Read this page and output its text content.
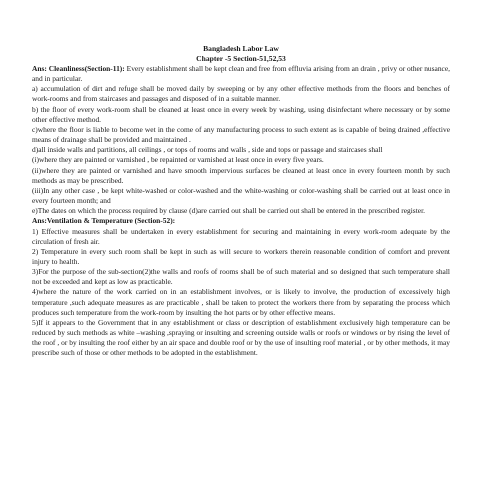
Bangladesh Labor Law

Chapter -5 Section-51,52,53

Ans: Cleanliness(Section-11): Every establishment shall be kept clean and free from effluvia arising from an drain , privy or other nusance, and in particular.

a) accumulation of dirt and refuge shall be moved daily by sweeping or by any other effective methods from the floors and benches of work-rooms and from staircases and passages and disposed of in a suitable manner.

b) the floor of every work-room shall be cleaned at least once in every week by washing, using disinfectant where necessary or by some other effective method.

c)where the floor is liable to become wet in the come of any manufacturing process to such extent as is capable of being drained ,effective means of drainage shall be provided and maintained .

d)all inside walls and partitions, all ceilings , or tops of rooms and walls , side and tops or passage and staircases shall

(i)where they are painted or varnished , be repainted or varnished at least once in every five years.

(ii)where they are painted or varnished and have smooth impervious surfaces be cleaned at least once in every fourteen month by such methods as may be prescribed.

(iii)In any other case , be kept white-washed or color-washed and the white-washing or color-washing shall be carried out at least once in every fourteen month; and

e)The dates on which the process required by clause (d)are carried out shall be carried out shall be entered in the prescribed register.

Ans:Ventilation & Temperature (Section-52):

1) Effective measures shall be undertaken in every establishment for securing and maintaining in every work-room adequate by the circulation of fresh air.

2) Temperature in every such room shall be kept in such as will secure to workers therein reasonable condition of comfort and prevent injury to health.

3)For the purpose of the sub-section(2)the walls and roofs of rooms shall be of such material and so designed that such temperature shall not be exceeded and kept as low as practicable.

4)where the nature of the work carried on in an establishment involves, or is likely to involve, the production of excessively high temperature ,such adequate measures as are practicable , shall be taken to protect the workers there from by separating the process which produces such temperature from the work-room by insulting the hot parts or by other effective means.

5)If it appears to the Government that in any establishment or class or description of establishment exclusively high temperature can be reduced by such methods as white –washing ,spraying or insulting and screening outside walls or roofs or windows or by rising the level of the roof , or by insulting the roof either by an air space and double roof or by the use of insulting roof material , or by other methods, it may prescribe such of those or other methods to be adopted in the establishment.
